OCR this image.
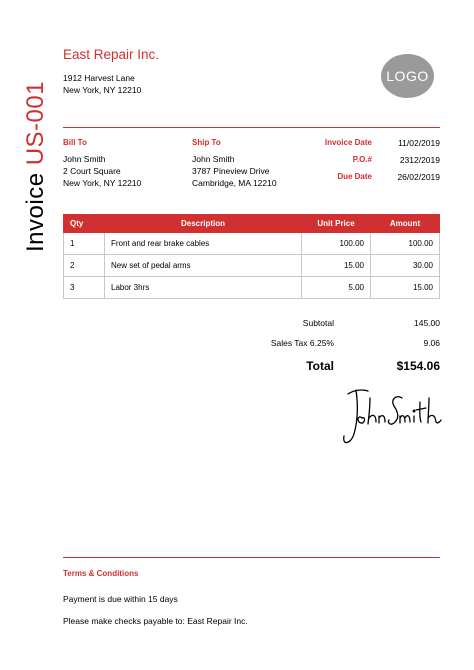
Invoice US-001
East Repair Inc.
1912 Harvest Lane
New York, NY 12210
LOGO
Bill To
John Smith
2 Court Square
New York, NY 12210
Ship To
John Smith
3787 Pineview Drive
Cambridge, MA 12210
Invoice Date	11/02/2019
P.O.#	2312/2019
Due Date	26/02/2019
Qty	Description	Unit Price	Amount
1	Front and rear brake cables	100.00	100.00
2	New set of pedal arms	15.00	30.00
3	Labor 3hrs	5.00	15.00
Subtotal	145.00
Sales Tax 6.25%	9.06
Total	$154.06
Terms & Conditions
Payment is due within 15 days
Please make checks payable to: East Repair Inc.
